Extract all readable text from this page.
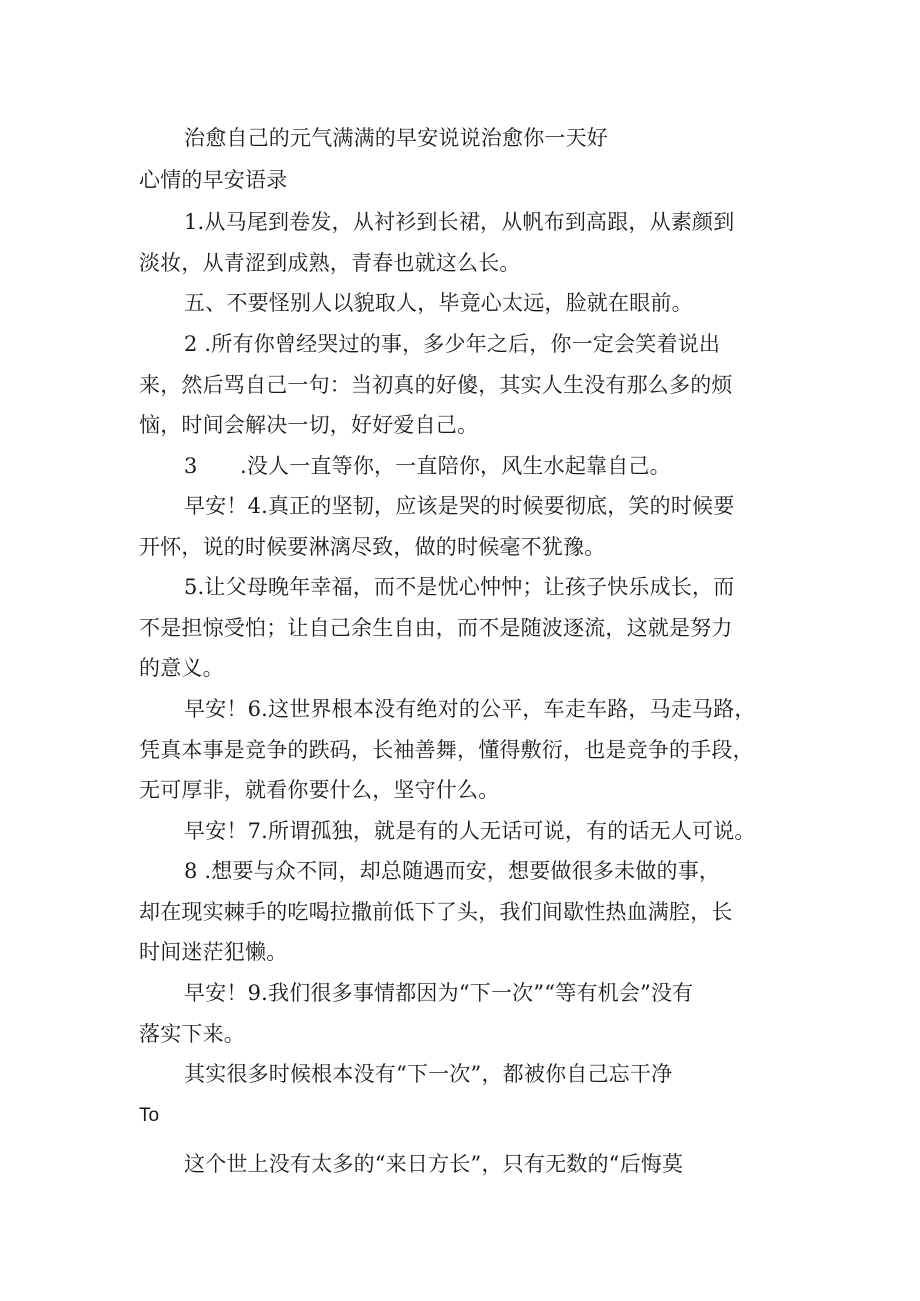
治愈自己的元气满满的早安说说治愈你一天好
心情的早安语录
1.从马尾到卷发，从衬衫到长裙，从帆布到高跟，从素颜到
淡妆，从青涩到成熟，青春也就这么长。
五、不要怪别人以貌取人，毕竟心太远，脸就在眼前。
2 .所有你曾经哭过的事，多少年之后，你一定会笑着说出
来，然后骂自己一句：当初真的好傻，其实人生没有那么多的烦
恼，时间会解决一切，好好爱自己。
3　　.没人一直等你，一直陪你，风生水起靠自己。
早安！4.真正的坚韧，应该是哭的时候要彻底，笑的时候要
开怀，说的时候要淋漓尽致，做的时候毫不犹豫。
5.让父母晚年幸福，而不是忧心忡忡；让孩子快乐成长，而
不是担惊受怕；让自己余生自由，而不是随波逐流，这就是努力
的意义。
早安！6.这世界根本没有绝对的公平，车走车路，马走马路，
凭真本事是竞争的跌码，长袖善舞，懂得敷衍，也是竞争的手段，
无可厚非，就看你要什么，坚守什么。
早安！7.所谓孤独，就是有的人无话可说，有的话无人可说。
8 .想要与众不同，却总随遇而安，想要做很多未做的事，
却在现实棘手的吃喝拉撒前低下了头，我们间歇性热血满腔，长
时间迷茫犯懒。
早安！9.我们很多事情都因为“下一次”“等有机会”没有
落实下来。
其实很多时候根本没有“下一次”，都被你自己忘干净
To
这个世上没有太多的“来日方长”，只有无数的“后悔莫
